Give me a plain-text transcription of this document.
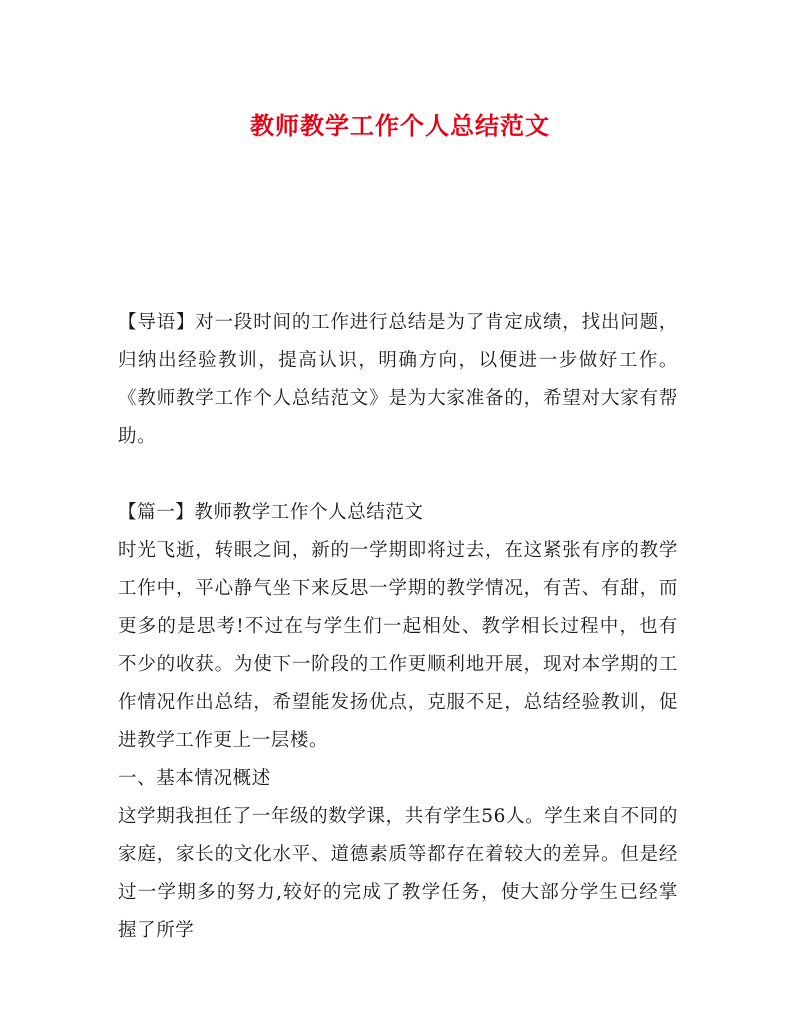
教师教学工作个人总结范文

【导语】对一段时间的工作进行总结是为了肯定成绩，找出问题，归纳出经验教训，提高认识，明确方向，以便进一步做好工作。《教师教学工作个人总结范文》是为大家准备的，希望对大家有帮助。

【篇一】教师教学工作个人总结范文

时光飞逝，转眼之间，新的一学期即将过去，在这紧张有序的教学工作中，平心静气坐下来反思一学期的教学情况，有苦、有甜，而更多的是思考!不过在与学生们一起相处、教学相长过程中，也有不少的收获。为使下一阶段的工作更顺利地开展，现对本学期的工作情况作出总结，希望能发扬优点，克服不足，总结经验教训，促进教学工作更上一层楼。

一、基本情况概述

这学期我担任了一年级的数学课，共有学生56人。学生来自不同的家庭，家长的文化水平、道德素质等都存在着较大的差异。但是经过一学期多的努力,较好的完成了教学任务，使大部分学生已经掌握了所学
